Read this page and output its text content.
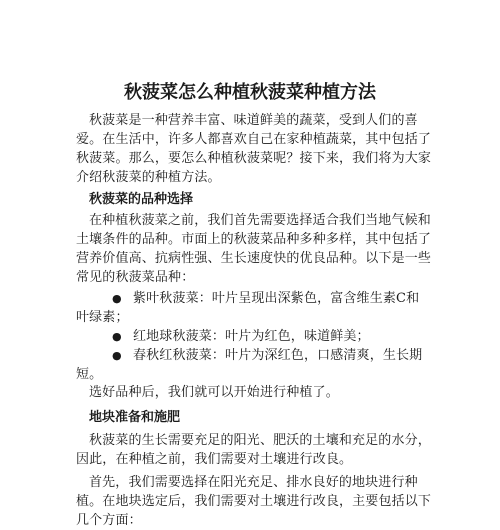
秋菠菜怎么种植秋菠菜种植方法

秋菠菜是一种营养丰富、味道鲜美的蔬菜，受到人们的喜爱。在生活中，许多人都喜欢自己在家种植蔬菜，其中包括了秋菠菜。那么，要怎么种植秋菠菜呢？接下来，我们将为大家介绍秋菠菜的种植方法。

秋菠菜的品种选择

在种植秋菠菜之前，我们首先需要选择适合我们当地气候和土壤条件的品种。市面上的秋菠菜品种多种多样，其中包括了营养价值高、抗病性强、生长速度快的优良品种。以下是一些常见的秋菠菜品种：

● 紫叶秋菠菜：叶片呈现出深紫色，富含维生素C和叶绿素；
● 红地球秋菠菜：叶片为红色，味道鲜美；
● 春秋红秋菠菜：叶片为深红色，口感清爽，生长期短。

选好品种后，我们就可以开始进行种植了。

地块准备和施肥

秋菠菜的生长需要充足的阳光、肥沃的土壤和充足的水分，因此，在种植之前，我们需要对土壤进行改良。

首先，我们需要选择在阳光充足、排水良好的地块进行种植。在地块选定后，我们需要对土壤进行改良，主要包括以下几个方面：
